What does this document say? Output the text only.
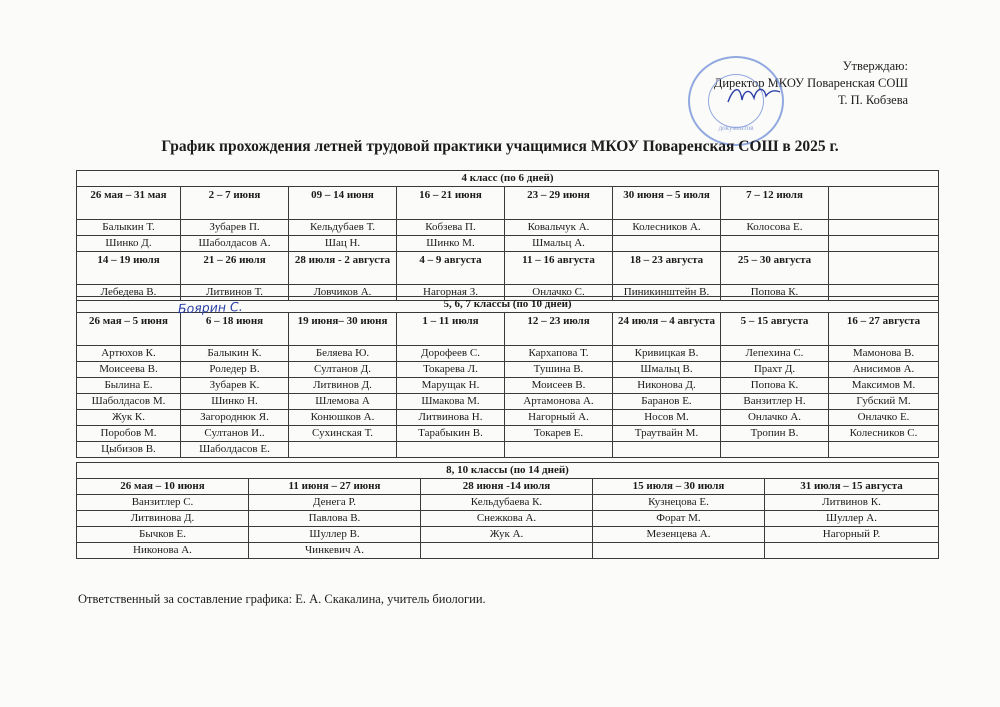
Утверждаю:
Директор МКОУ Поваренская СОШ
Т. П. Кобзева
документов
График прохождения летней трудовой практики учащимися МКОУ Поваренская СОШ в 2025 г.
4 класс (по 6 дней)							
26 мая – 31 мая	2 – 7 июня	09 – 14 июня	16 – 21 июня	23 – 29 июня	30 июня – 5 июля	7 – 12 июля	
Балыкин Т.	Зубарев П.	Кельдубаев Т.	Кобзева П.	Ковальчук А.	Колесников А.	Колосова Е.	
Шинко Д.	Шаболдасов А.	Шац Н.	Шинко М.	Шмальц А.			
14 – 19 июля	21 – 26 июля	28 июля - 2 августа	4 – 9 августа	11 – 16 августа	18 – 23 августа	25 – 30 августа	
Лебедева В.	Литвинов Т.	Ловчиков А.	Нагорная З.	Онлачко С.	Пиникинштейн В.	Попова К.	
5, 6, 7 классы (по 10 дней)							
26 мая – 5 июня	6 – 18 июня	19 июня– 30 июня	1 – 11 июля	12 – 23 июля	24 июля – 4 августа	5 – 15 августа	16 – 27 августа
Артюхов К.	Балыкин К.	Беляева Ю.	Дорофеев С.	Кархапова Т.	Кривицкая В.	Лепехина С.	Мамонова В.
Моисеева В.	Роледер В.	Султанов Д.	Токарева Л.	Тушина В.	Шмальц В.	Прахт Д.	Анисимов А.
Былина Е.	Зубарев К.	Литвинов Д.	Марущак Н.	Моисеев В.	Никонова Д.	Попова К.	Максимов М.
Шаболдасов М.	Шинко Н.	Шлемова А	Шмакова М.	Артамонова А.	Баранов Е.	Ванзитлер Н.	Губский М.
Жук К.	Загороднюк Я.	Конюшков А.	Литвинова Н.	Нагорный А.	Носов М.	Онлачко А.	Онлачко Е.
Поробов М.	Султанов И..	Сухинская Т.	Тарабыкин В.	Токарев Е.	Траутвайн М.	Тропин В.	Колесников С.
Цыбизов В.	Шаболдасов Е.						
Боярин С.
8, 10 классы (по 14 дней)				
26 мая – 10 июня	11 июня – 27 июня	28 июня -14 июля	15 июля – 30 июля	31 июля – 15 августа
Ванзитлер С.	Денега Р.	Кельдубаева К.	Кузнецова Е.	Литвинов К.
Литвинова Д.	Павлова В.	Снежкова А.	Форат М.	Шуллер А.
Бычков Е.	Шуллер В.	Жук А.	Мезенцева А.	Нагорный Р.
Никонова А.	Чинкевич А.			
Ответственный за составление графика: Е. А. Скакалина, учитель биологии.
